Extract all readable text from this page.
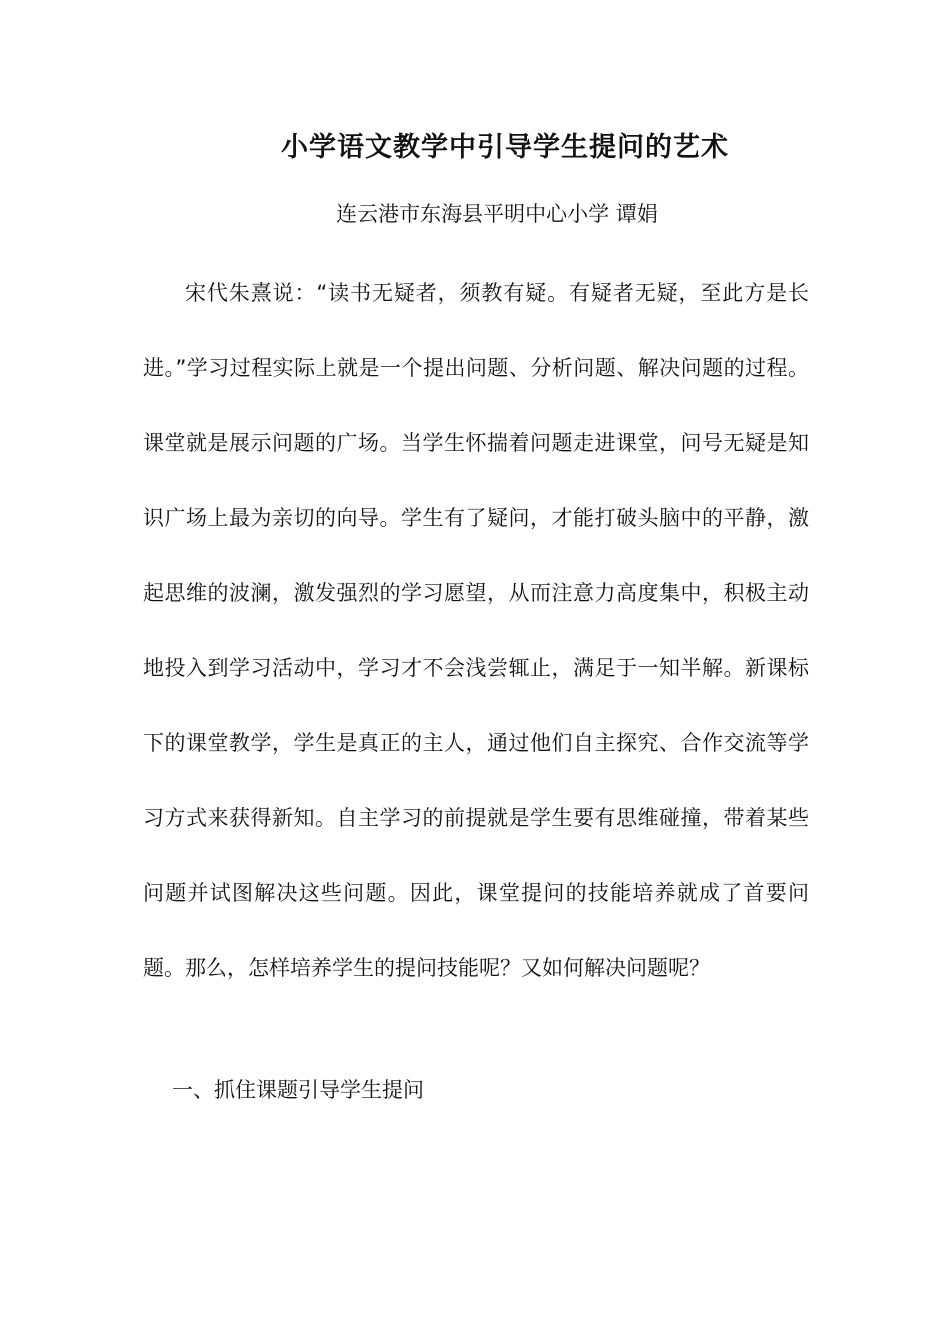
小学语文教学中引导学生提问的艺术

连云港市东海县平明中心小学 谭娟

宋代朱熹说：“读书无疑者，须教有疑。有疑者无疑，至此方是长进。”学习过程实际上就是一个提出问题、分析问题、解决问题的过程。课堂就是展示问题的广场。当学生怀揣着问题走进课堂，问号无疑是知识广场上最为亲切的向导。学生有了疑问，才能打破头脑中的平静，激起思维的波澜，激发强烈的学习愿望，从而注意力高度集中，积极主动地投入到学习活动中，学习才不会浅尝辄止，满足于一知半解。新课标下的课堂教学，学生是真正的主人，通过他们自主探究、合作交流等学习方式来获得新知。自主学习的前提就是学生要有思维碰撞，带着某些问题并试图解决这些问题。因此，课堂提问的技能培养就成了首要问题。那么，怎样培养学生的提问技能呢？又如何解决问题呢？

一、抓住课题引导学生提问
